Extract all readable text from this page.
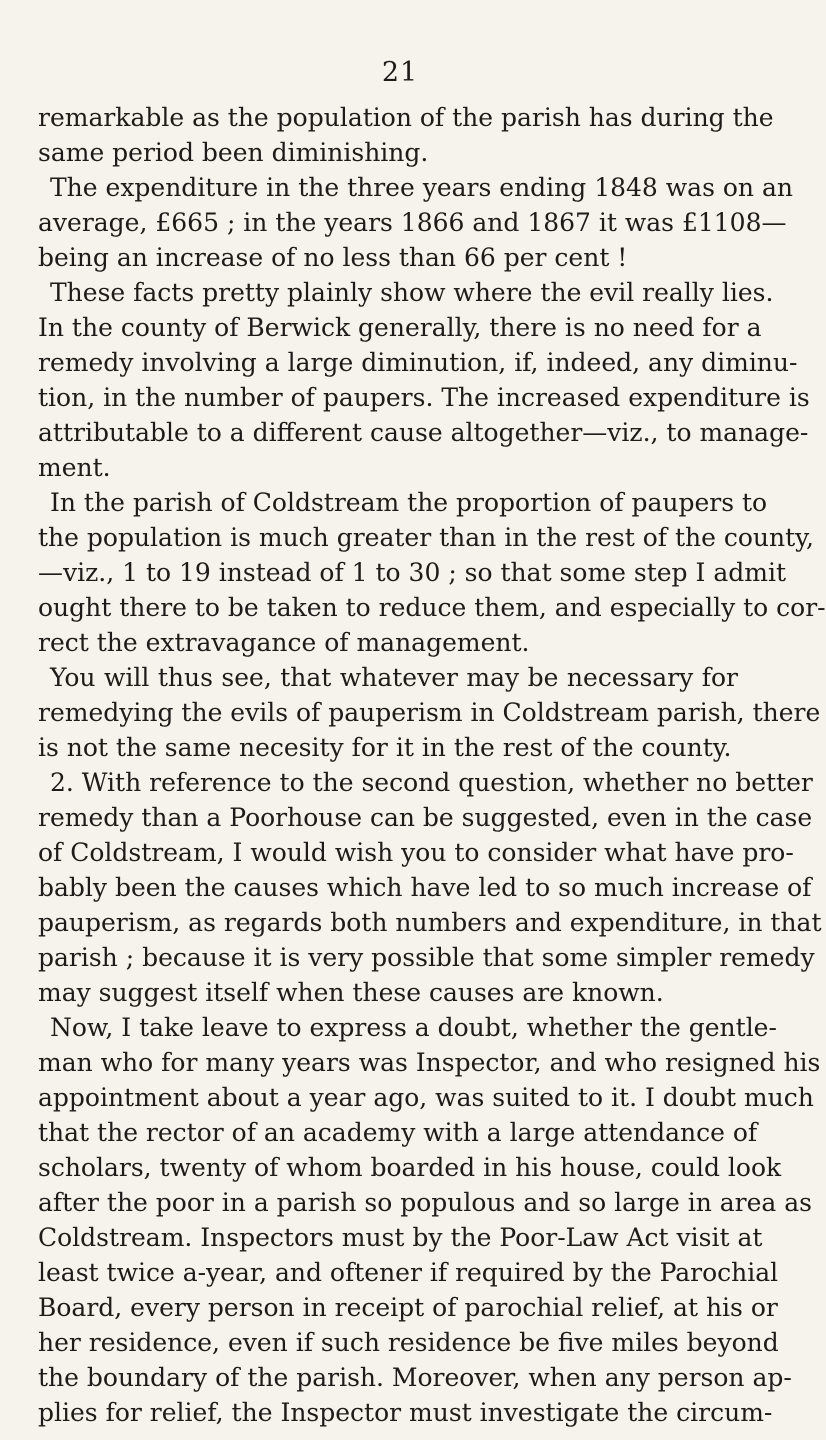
21
remarkable as the population of the parish has during the
same period been diminishing.
The expenditure in the three years ending 1848 was on an
average, £665 ; in the years 1866 and 1867 it was £1108—
being an increase of no less than 66 per cent !
These facts pretty plainly show where the evil really lies.
In the county of Berwick generally, there is no need for a
remedy involving a large diminution, if, indeed, any diminu-
tion, in the number of paupers. The increased expenditure is
attributable to a different cause altogether—viz., to manage-
ment.
In the parish of Coldstream the proportion of paupers to
the population is much greater than in the rest of the county,
—viz., 1 to 19 instead of 1 to 30 ; so that some step I admit
ought there to be taken to reduce them, and especially to cor-
rect the extravagance of management.
You will thus see, that whatever may be necessary for
remedying the evils of pauperism in Coldstream parish, there
is not the same necesity for it in the rest of the county.
2. With reference to the second question, whether no better
remedy than a Poorhouse can be suggested, even in the case
of Coldstream, I would wish you to consider what have pro-
bably been the causes which have led to so much increase of
pauperism, as regards both numbers and expenditure, in that
parish ; because it is very possible that some simpler remedy
may suggest itself when these causes are known.
Now, I take leave to express a doubt, whether the gentle-
man who for many years was Inspector, and who resigned his
appointment about a year ago, was suited to it. I doubt much
that the rector of an academy with a large attendance of
scholars, twenty of whom boarded in his house, could look
after the poor in a parish so populous and so large in area as
Coldstream. Inspectors must by the Poor-Law Act visit at
least twice a-year, and oftener if required by the Parochial
Board, every person in receipt of parochial relief, at his or
her residence, even if such residence be five miles beyond
the boundary of the parish. Moreover, when any person ap-
plies for relief, the Inspector must investigate the circum-
